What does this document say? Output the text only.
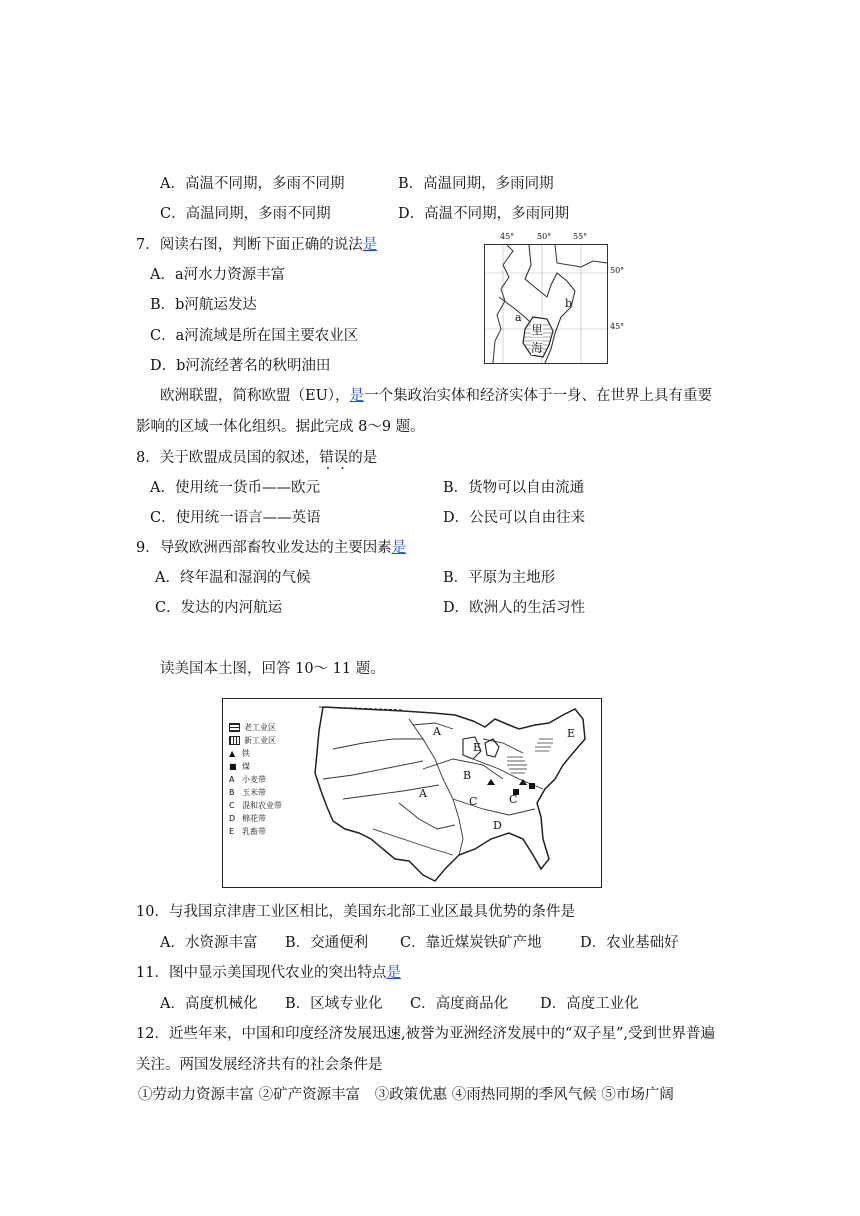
A．高温不同期，多雨不同期	B．高温同期，多雨同期
C．高温同期，多雨不同期	D．高温不同期，多雨同期
7．阅读右图，判断下面正确的说法是
A．a河水力资源丰富
B．b河航运发达
C．a河流域是所在国主要农业区
D．b河流经著名的秋明油田
45°	50°	55°
50°
45°
a
b
里
海
欧洲联盟，简称欧盟（EU），是一个集政治实体和经济实体于一身、在世界上具有重要
影响的区域一体化组织。据此完成 8～9 题。
8．关于欧盟成员国的叙述，错误的是
A．使用统一货币——欧元	B．货物可以自由流通
C．使用统一语言——英语	D．公民可以自由往来
9．导致欧洲西部畜牧业发达的主要因素是
A．终年温和湿润的气候	B．平原为主地形
C．发达的内河航运	D．欧洲人的生活习性
读美国本土图，回答 10～ 11 题。
老工业区
新工业区
▲ 铁
■ 煤
A 小麦带
B 玉米带
C 混和农业带
D 棉花带
E 乳畜带
A
E
B
A
C	C
D
E
10．与我国京津唐工业区相比，美国东北部工业区最具优势的条件是
A．水资源丰富 B．交通便利 C．靠近煤炭铁矿产地	D．农业基础好
11．图中显示美国现代农业的突出特点是
A．高度机械化 B．区域专业化 C．高度商品化 D．高度工业化
12．近些年来，中国和印度经济发展迅速,被誉为亚洲经济发展中的“双子星”,受到世界普遍
关注。两国发展经济共有的社会条件是
①劳动力资源丰富 ②矿产资源丰富　③政策优惠 ④雨热同期的季风气候 ⑤市场广阔
